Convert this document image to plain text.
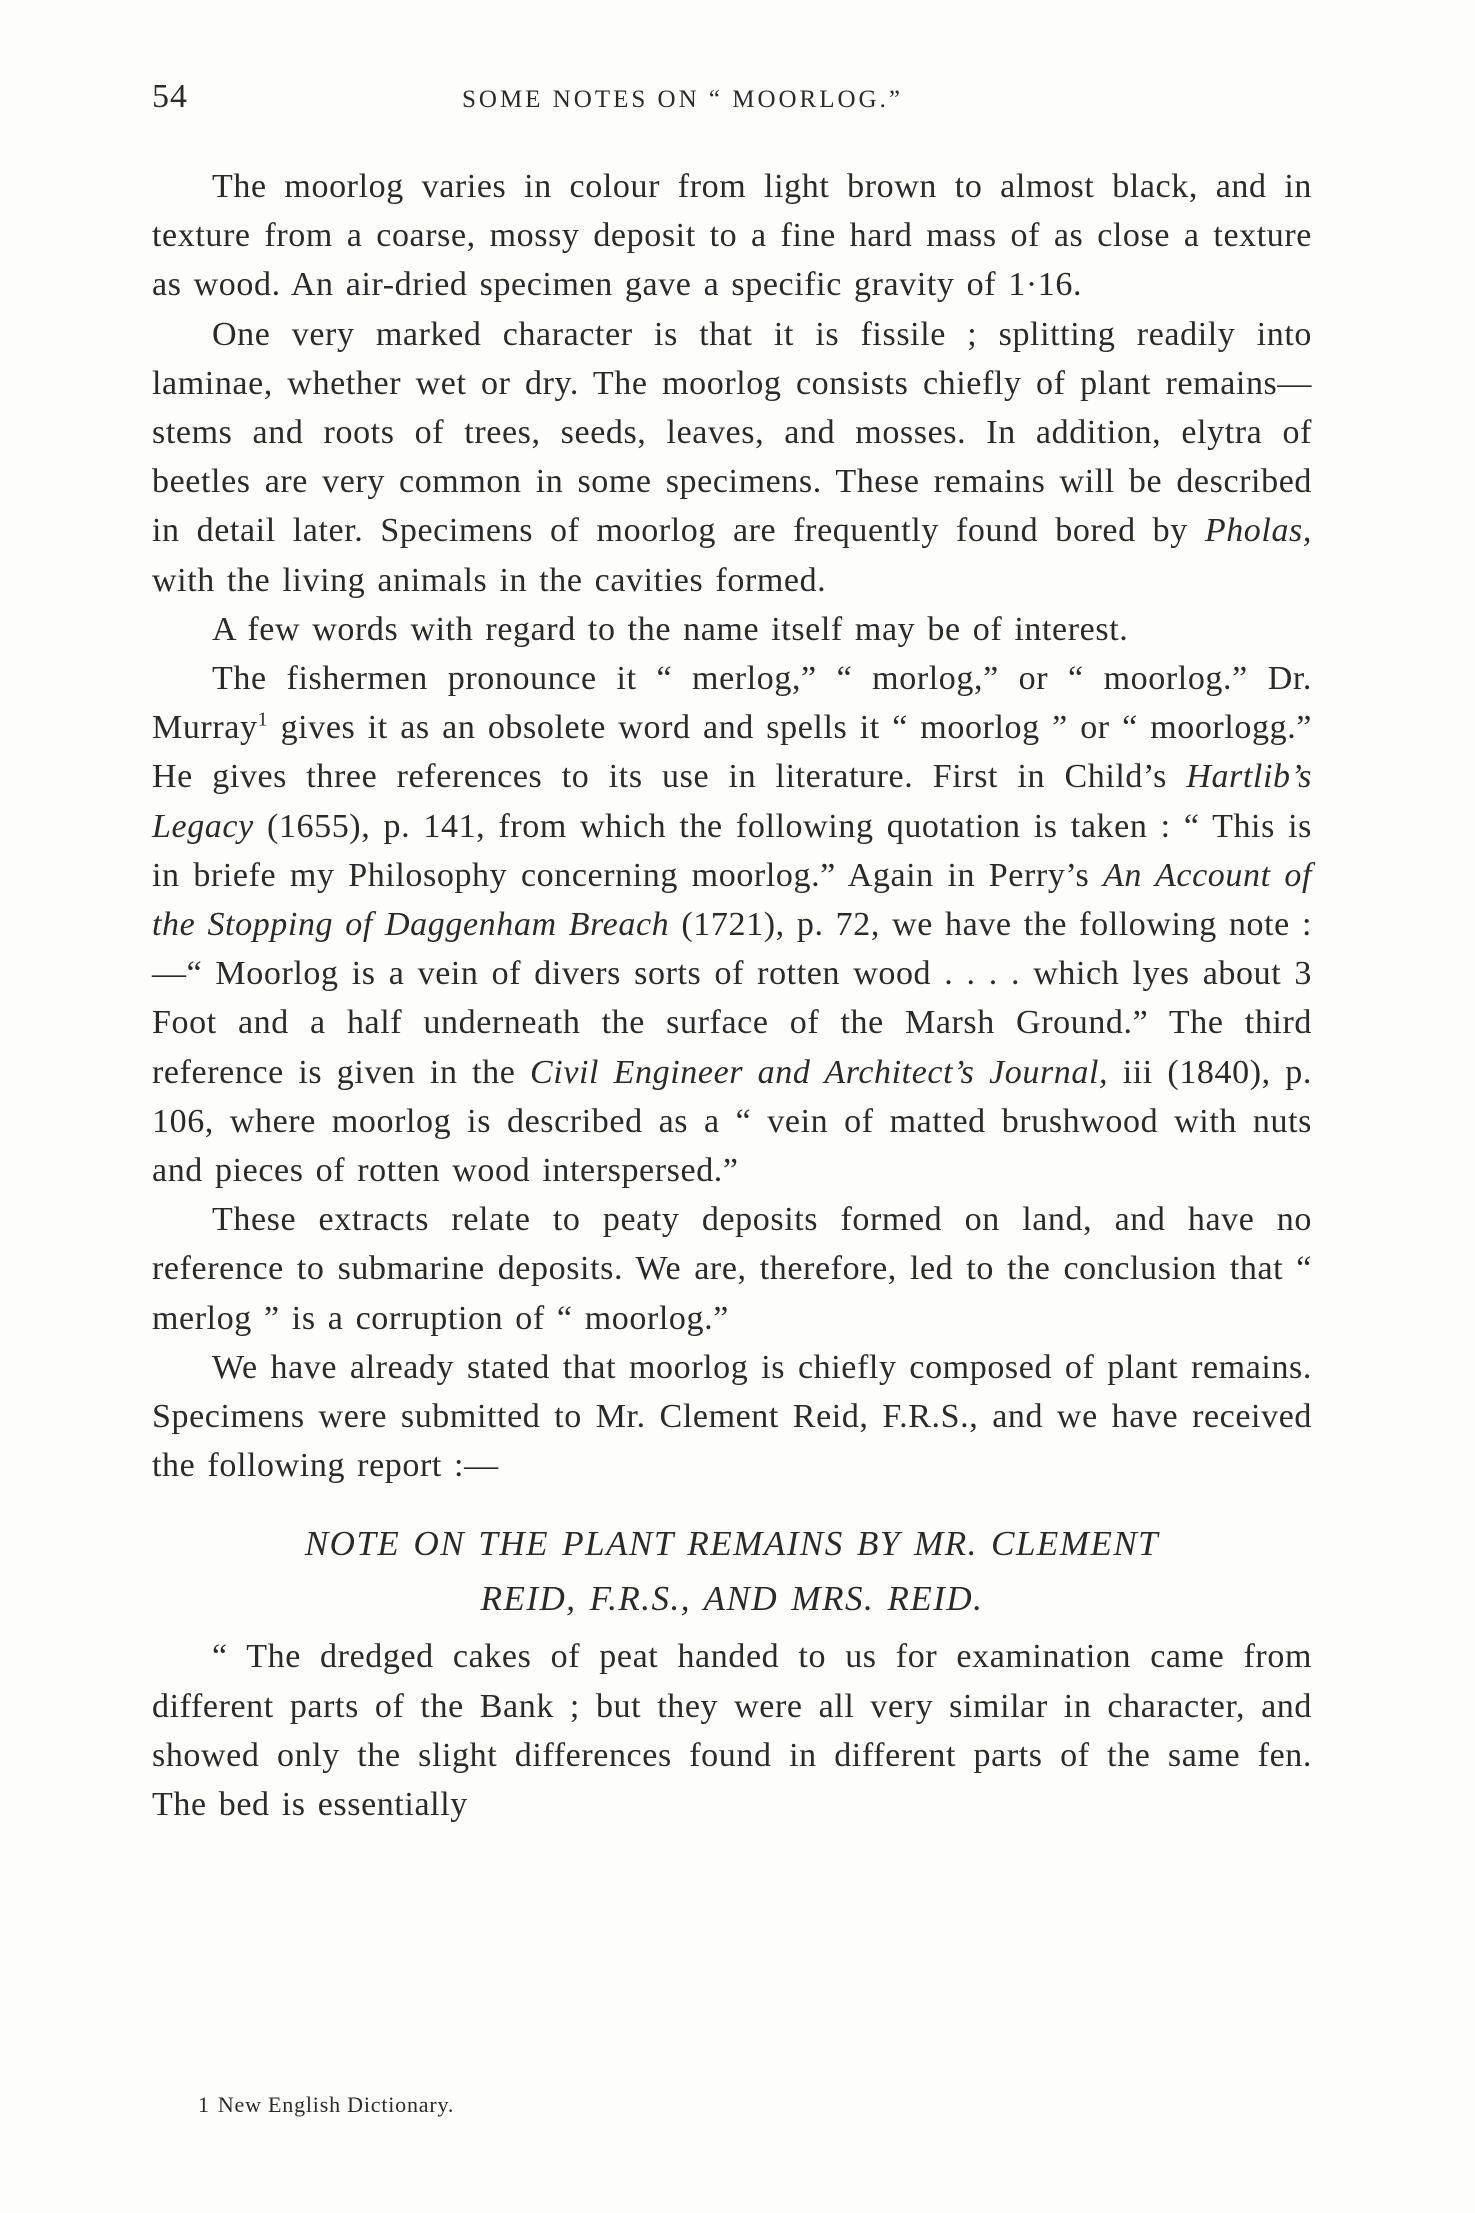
54	SOME NOTES ON “ MOORLOG.”

The moorlog varies in colour from light brown to almost black, and in texture from a coarse, mossy deposit to a fine hard mass of as close a texture as wood. An air-dried specimen gave a specific gravity of 1·16.

One very marked character is that it is fissile ; splitting readily into laminae, whether wet or dry. The moorlog consists chiefly of plant remains—stems and roots of trees, seeds, leaves, and mosses. In addition, elytra of beetles are very common in some specimens. These remains will be described in detail later. Specimens of moorlog are frequently found bored by Pholas, with the living animals in the cavities formed.

A few words with regard to the name itself may be of interest.

The fishermen pronounce it “ merlog,” “ morlog,” or “ moorlog.” Dr. Murray$^1$ gives it as an obsolete word and spells it “ moorlog ” or “ moorlogg.” He gives three references to its use in literature. First in Child’s Hartlib’s Legacy (1655), p. 141, from which the following quotation is taken : “ This is in briefe my Philosophy concerning moorlog.” Again in Perry’s An Account of the Stopping of Daggenham Breach (1721), p. 72, we have the following note :—“ Moorlog is a vein of divers sorts of rotten wood . . . . which lyes about 3 Foot and a half underneath the surface of the Marsh Ground.” The third reference is given in the Civil Engineer and Architect’s Journal, iii (1840), p. 106, where moorlog is described as a “ vein of matted brushwood with nuts and pieces of rotten wood interspersed.”

These extracts relate to peaty deposits formed on land, and have no reference to submarine deposits. We are, therefore, led to the conclusion that “ merlog ” is a corruption of “ moorlog.”

We have already stated that moorlog is chiefly composed of plant remains. Specimens were submitted to Mr. Clement Reid, F.R.S., and we have received the following report :—

NOTE ON THE PLANT REMAINS BY MR. CLEMENT
REID, F.R.S., AND MRS. REID.

“ The dredged cakes of peat handed to us for examination came from different parts of the Bank ; but they were all very similar in character, and showed only the slight differences found in different parts of the same fen. The bed is essentially

1 New English Dictionary.
